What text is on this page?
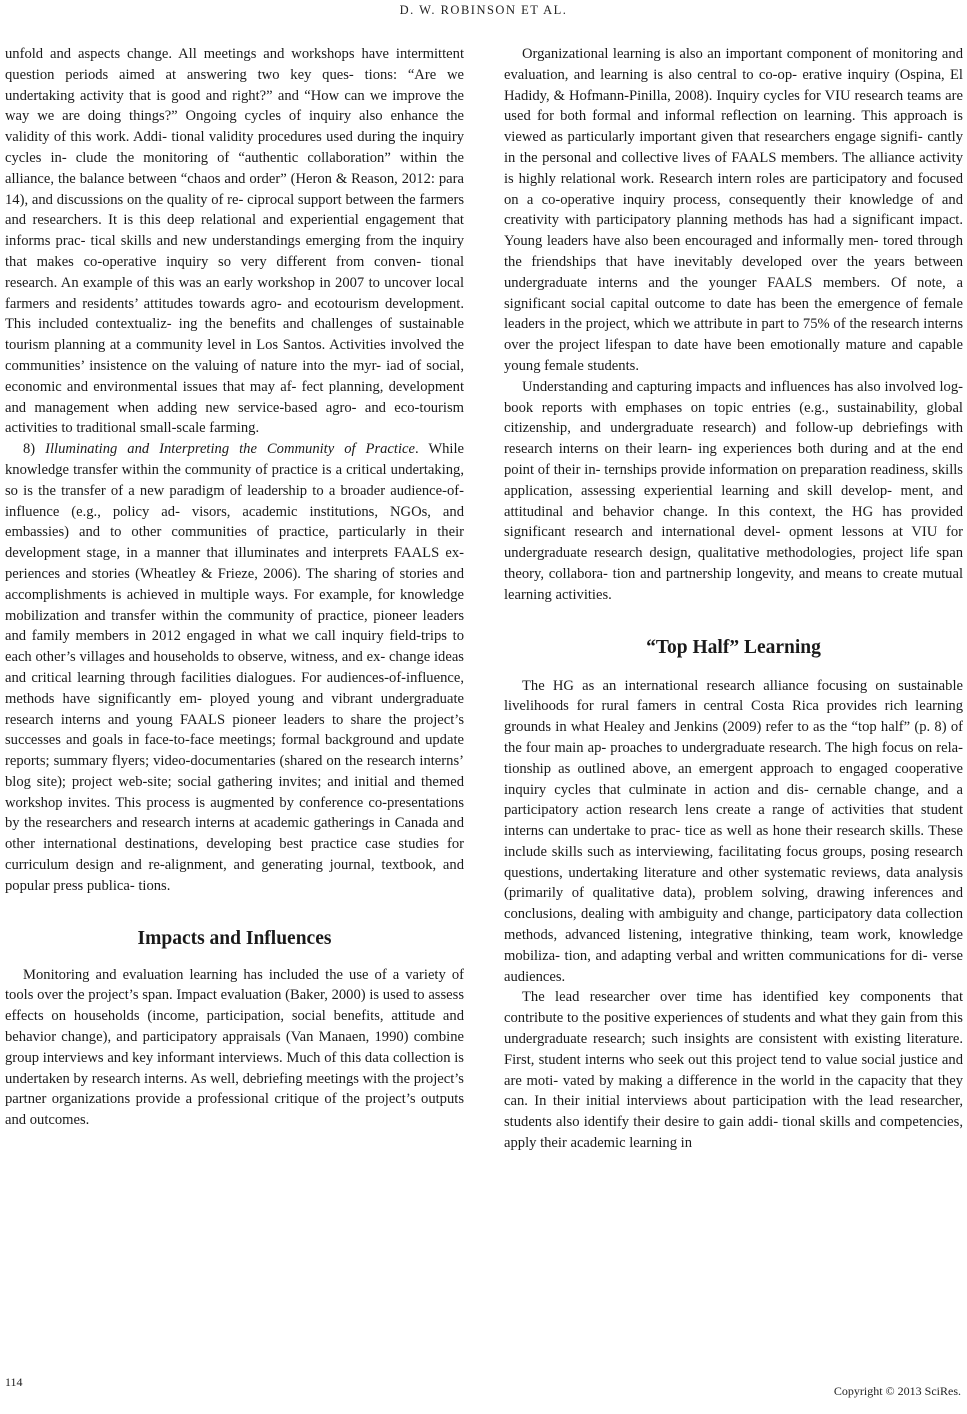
D. W. ROBINSON ET AL.

unfold and aspects change. All meetings and workshops have intermittent question periods aimed at answering two key ques- tions: “Are we undertaking activity that is good and right?” and “How can we improve the way we are doing things?” Ongoing cycles of inquiry also enhance the validity of this work. Addi- tional validity procedures used during the inquiry cycles in- clude the monitoring of “authentic collaboration” within the alliance, the balance between “chaos and order” (Heron & Reason, 2012: para 14), and discussions on the quality of re- ciprocal support between the farmers and researchers. It is this deep relational and experiential engagement that informs prac- tical skills and new understandings emerging from the inquiry that makes co-operative inquiry so very different from conven- tional research. An example of this was an early workshop in 2007 to uncover local farmers and residents’ attitudes towards agro- and ecotourism development. This included contextualiz- ing the benefits and challenges of sustainable tourism planning at a community level in Los Santos. Activities involved the communities’ insistence on the valuing of nature into the myr- iad of social, economic and environmental issues that may af- fect planning, development and management when adding new service-based agro- and eco-tourism activities to traditional small-scale farming.

8) Illuminating and Interpreting the Community of Practice. While knowledge transfer within the community of practice is a critical undertaking, so is the transfer of a new paradigm of leadership to a broader audience-of-influence (e.g., policy ad- visors, academic institutions, NGOs, and embassies) and to other communities of practice, particularly in their development stage, in a manner that illuminates and interprets FAALS ex- periences and stories (Wheatley & Frieze, 2006). The sharing of stories and accomplishments is achieved in multiple ways. For example, for knowledge mobilization and transfer within the community of practice, pioneer leaders and family members in 2012 engaged in what we call inquiry field-trips to each other’s villages and households to observe, witness, and ex- change ideas and critical learning through facilities dialogues. For audiences-of-influence, methods have significantly em- ployed young and vibrant undergraduate research interns and young FAALS pioneer leaders to share the project’s successes and goals in face-to-face meetings; formal background and update reports; summary flyers; video-documentaries (shared on the research interns’ blog site); project web-site; social gathering invites; and initial and themed workshop invites. This process is augmented by conference co-presentations by the researchers and research interns at academic gatherings in Canada and other international destinations, developing best practice case studies for curriculum design and re-alignment, and generating journal, textbook, and popular press publica- tions.

Impacts and Influences

Monitoring and evaluation learning has included the use of a variety of tools over the project’s span. Impact evaluation (Baker, 2000) is used to assess effects on households (income, participation, social benefits, attitude and behavior change), and participatory appraisals (Van Manaen, 1990) combine group interviews and key informant interviews. Much of this data collection is undertaken by research interns. As well, debriefing meetings with the project’s partner organizations provide a professional critique of the project’s outputs and outcomes.

Organizational learning is also an important component of monitoring and evaluation, and learning is also central to co-op- erative inquiry (Ospina, El Hadidy, & Hofmann-Pinilla, 2008). Inquiry cycles for VIU research teams are used for both formal and informal reflection on learning. This approach is viewed as particularly important given that researchers engage signifi- cantly in the personal and collective lives of FAALS members. The alliance activity is highly relational work. Research intern roles are participatory and focused on a co-operative inquiry process, consequently their knowledge of and creativity with participatory planning methods has had a significant impact. Young leaders have also been encouraged and informally men- tored through the friendships that have inevitably developed over the years between undergraduate interns and the younger FAALS members. Of note, a significant social capital outcome to date has been the emergence of female leaders in the project, which we attribute in part to 75% of the research interns over the project lifespan to date have been emotionally mature and capable young female students.

Understanding and capturing impacts and influences has also involved log-book reports with emphases on topic entries (e.g., sustainability, global citizenship, and undergraduate research) and follow-up debriefings with research interns on their learn- ing experiences both during and at the end point of their in- ternships provide information on preparation readiness, skills application, assessing experiential learning and skill develop- ment, and attitudinal and behavior change. In this context, the HG has provided significant research and international devel- opment lessons at VIU for undergraduate research design, qualitative methodologies, project life span theory, collabora- tion and partnership longevity, and means to create mutual learning activities.

“Top Half” Learning

The HG as an international research alliance focusing on sustainable livelihoods for rural famers in central Costa Rica provides rich learning grounds in what Healey and Jenkins (2009) refer to as the “top half” (p. 8) of the four main ap- proaches to undergraduate research. The high focus on rela- tionship as outlined above, an emergent approach to engaged cooperative inquiry cycles that culminate in action and dis- cernable change, and a participatory action research lens create a range of activities that student interns can undertake to prac- tice as well as hone their research skills. These include skills such as interviewing, facilitating focus groups, posing research questions, undertaking literature and other systematic reviews, data analysis (primarily of qualitative data), problem solving, drawing inferences and conclusions, dealing with ambiguity and change, participatory data collection methods, advanced listening, integrative thinking, team work, knowledge mobiliza- tion, and adapting verbal and written communications for di- verse audiences.

The lead researcher over time has identified key components that contribute to the positive experiences of students and what they gain from this undergraduate research; such insights are consistent with existing literature. First, student interns who seek out this project tend to value social justice and are moti- vated by making a difference in the world in the capacity that they can. In their initial interviews about participation with the lead researcher, students also identify their desire to gain addi- tional skills and competencies, apply their academic learning in

114
Copyright © 2013 SciRes.
